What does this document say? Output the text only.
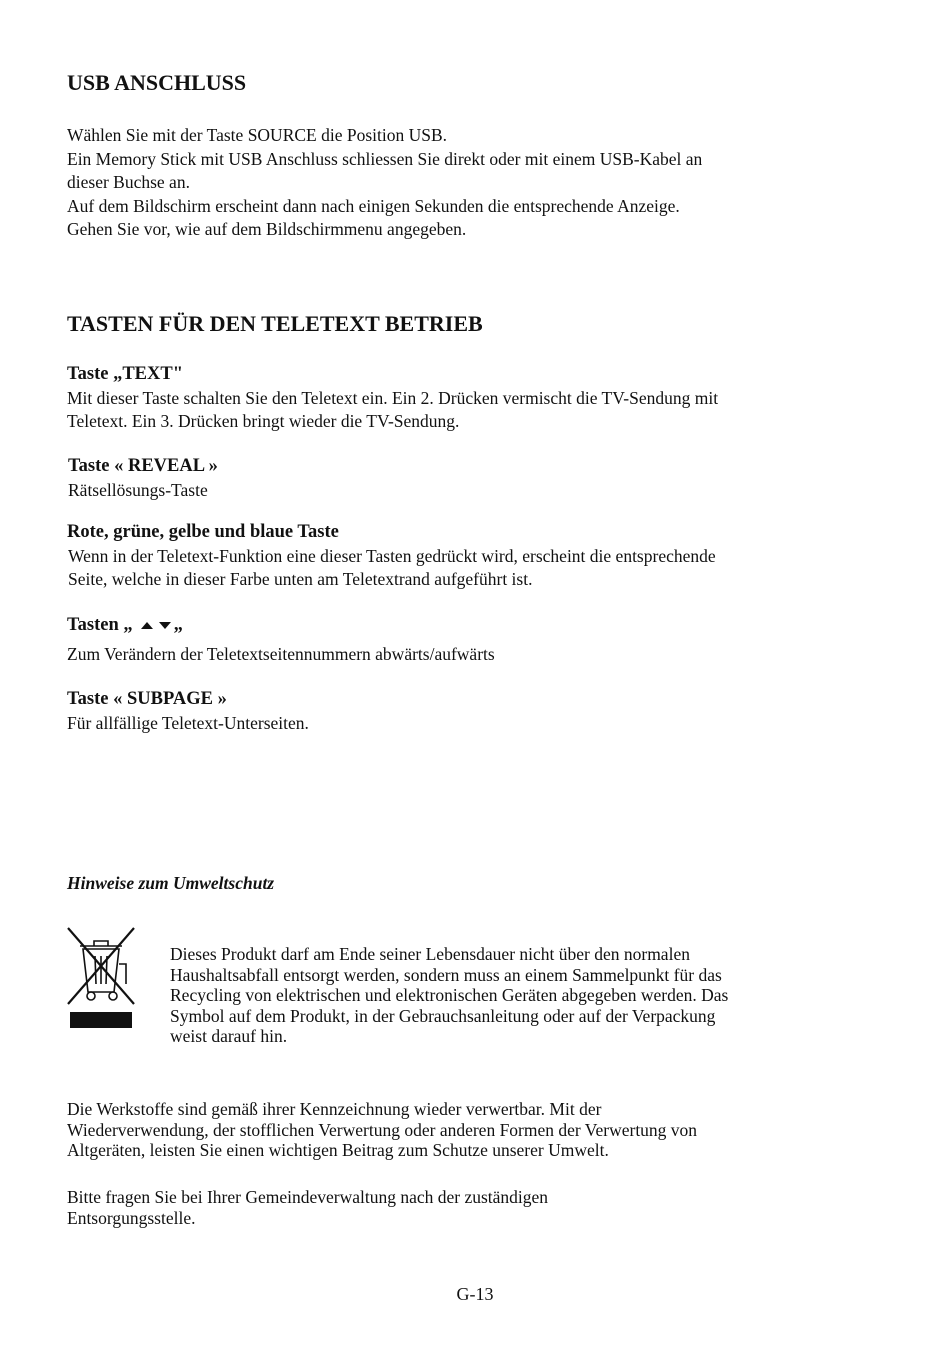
USB ANSCHLUSS
Wählen Sie mit der Taste SOURCE die Position USB.
Ein Memory Stick mit USB Anschluss schliessen Sie direkt oder mit einem USB-Kabel an
dieser Buchse an.
Auf dem Bildschirm erscheint dann nach einigen Sekunden die entsprechende Anzeige.
Gehen Sie vor, wie auf dem Bildschirmmenu angegeben.
TASTEN FÜR DEN TELETEXT BETRIEB
Taste „TEXT"
Mit dieser Taste schalten Sie den Teletext ein. Ein 2. Drücken vermischt die TV-Sendung mit
Teletext. Ein 3. Drücken bringt wieder die TV-Sendung.
Taste « REVEAL »
Rätsellösungs-Taste
Rote, grüne, gelbe und blaue Taste
Wenn in der Teletext-Funktion eine dieser Tasten gedrückt wird, erscheint die entsprechende
Seite, welche in dieser Farbe unten am Teletextrand aufgeführt ist.
Tasten „ „
Zum Verändern der Teletextseitennummern abwärts/aufwärts
Taste « SUBPAGE »
Für allfällige Teletext-Unterseiten.
Hinweise zum Umweltschutz
Dieses Produkt darf am Ende seiner Lebensdauer nicht über den normalen
Haushaltsabfall entsorgt werden, sondern muss an einem Sammelpunkt für das
Recycling von elektrischen und elektronischen Geräten abgegeben werden. Das
Symbol auf dem Produkt, in der Gebrauchsanleitung oder auf der Verpackung
weist darauf hin.
Die Werkstoffe sind gemäß ihrer Kennzeichnung wieder verwertbar. Mit der
Wiederverwendung, der stofflichen Verwertung oder anderen Formen der Verwertung von
Altgeräten, leisten Sie einen wichtigen Beitrag zum Schutze unserer Umwelt.
Bitte fragen Sie bei Ihrer Gemeindeverwaltung nach der zuständigen
Entsorgungsstelle.
G-13
